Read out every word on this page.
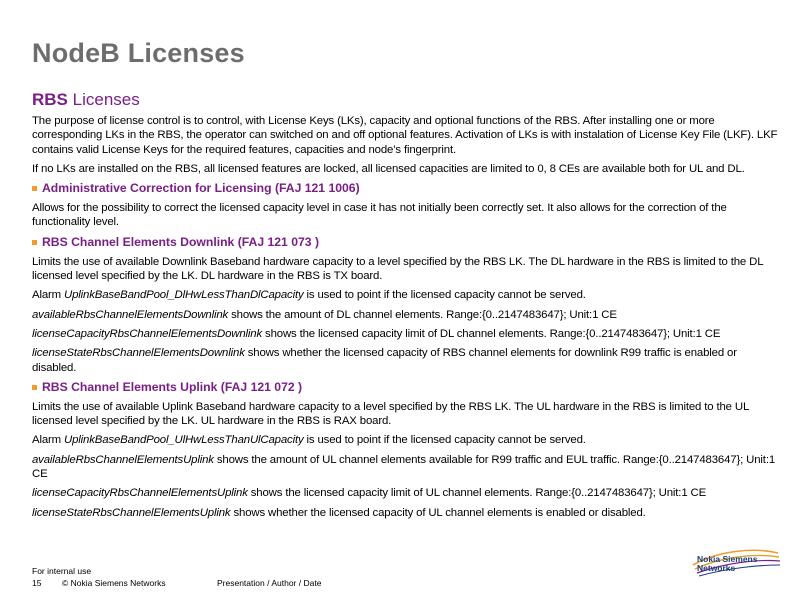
NodeB Licenses
RBS Licenses

The purpose of license control is to control, with License Keys (LKs), capacity and optional functions of the RBS. After installing one or more corresponding LKs in the RBS, the operator can switched on and off optional features. Activation of LKs is with instalation of License Key File (LKF). LKF contains valid License Keys for the required features, capacities and node’s fingerprint.

If no LKs are installed on the RBS, all licensed features are locked, all licensed capacities are limited to 0, 8 CEs are available both for UL and DL.

Administrative Correction for Licensing (FAJ 121 1006)

Allows for the possibility to correct the licensed capacity level in case it has not initially been correctly set. It also allows for the correction of the functionality level.

RBS Channel Elements Downlink (FAJ 121 073 )

Limits the use of available Downlink Baseband hardware capacity to a level specified by the RBS LK. The DL hardware in the RBS is limited to the DL licensed level specified by the LK. DL hardware in the RBS is TX board.

Alarm UplinkBaseBandPool_DlHwLessThanDlCapacity is used to point if the licensed capacity cannot be served.

availableRbsChannelElementsDownlink shows the amount of DL channel elements. Range:{0..2147483647}; Unit:1 CE

licenseCapacityRbsChannelElementsDownlink shows the licensed capacity limit of DL channel elements. Range:{0..2147483647}; Unit:1 CE

licenseStateRbsChannelElementsDownlink shows whether the licensed capacity of RBS channel elements for downlink R99 traffic is enabled or disabled.

RBS Channel Elements Uplink (FAJ 121 072 )

Limits the use of available Uplink Baseband hardware capacity to a level specified by the RBS LK. The UL hardware in the RBS is limited to the UL licensed level specified by the LK. UL hardware in the RBS is RAX board.

Alarm UplinkBaseBandPool_UlHwLessThanUlCapacity is used to point if the licensed capacity cannot be served.

availableRbsChannelElementsUplink shows the amount of UL channel elements available for R99 traffic and EUL traffic. Range:{0..2147483647}; Unit:1 CE

licenseCapacityRbsChannelElementsUplink shows the licensed capacity limit of UL channel elements. Range:{0..2147483647}; Unit:1 CE

licenseStateRbsChannelElementsUplink shows whether the licensed capacity of UL channel elements is enabled or disabled.

For internal use
15 © Nokia Siemens Networks	Presentation / Author / Date
Nokia Siemens
Networks
